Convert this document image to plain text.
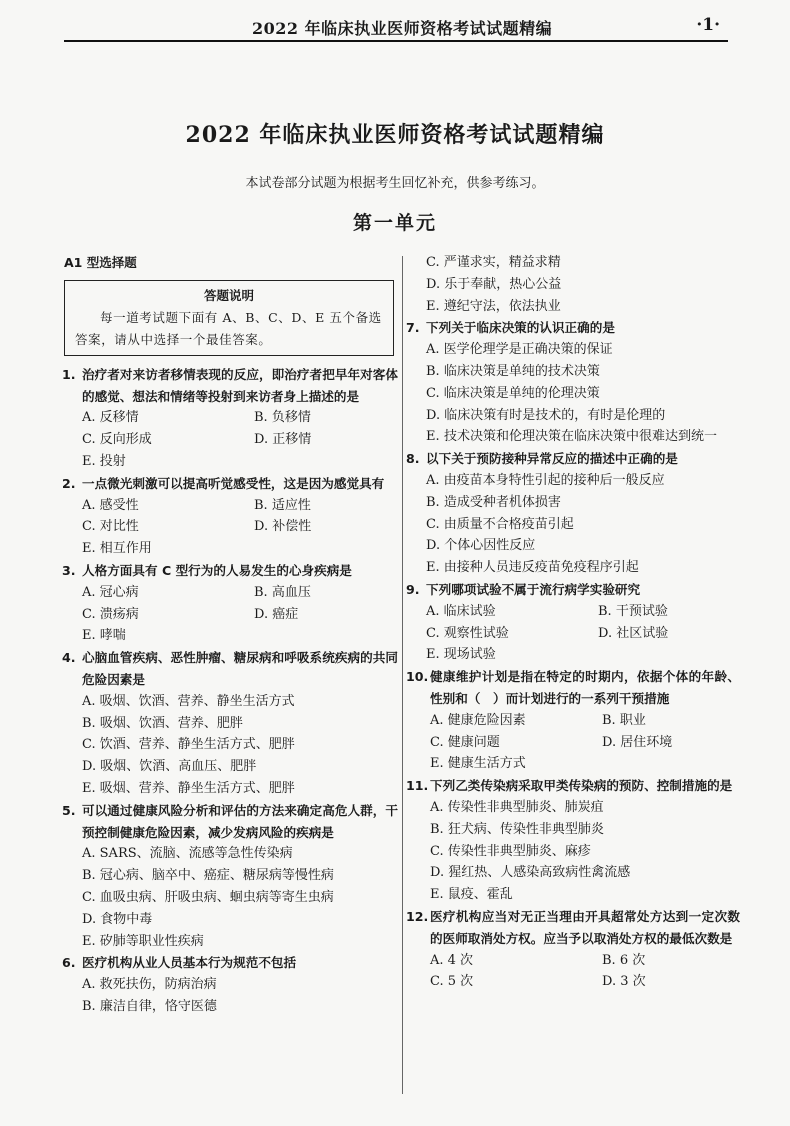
2022 年临床执业医师资格考试试题精编	·1·
2022 年临床执业医师资格考试试题精编
本试卷部分试题为根据考生回忆补充，供参考练习。
第一单元
A1 型选择题
答题说明
每一道考试题下面有 A、B、C、D、E 五个备选答案，请从中选择一个最佳答案。
1. 治疗者对来访者移情表现的反应，即治疗者把早年对客体的感觉、想法和情绪等投射到来访者身上描述的是
A. 反移情	B. 负移情
C. 反向形成	D. 正移情
E. 投射
2. 一点微光刺激可以提高听觉感受性，这是因为感觉具有
A. 感受性	B. 适应性
C. 对比性	D. 补偿性
E. 相互作用
3. 人格方面具有 C 型行为的人易发生的心身疾病是
A. 冠心病	B. 高血压
C. 溃疡病	D. 癌症
E. 哮喘
4. 心脑血管疾病、恶性肿瘤、糖尿病和呼吸系统疾病的共同危险因素是
A. 吸烟、饮酒、营养、静坐生活方式
B. 吸烟、饮酒、营养、肥胖
C. 饮酒、营养、静坐生活方式、肥胖
D. 吸烟、饮酒、高血压、肥胖
E. 吸烟、营养、静坐生活方式、肥胖
5. 可以通过健康风险分析和评估的方法来确定高危人群，干预控制健康危险因素，减少发病风险的疾病是
A. SARS、流脑、流感等急性传染病
B. 冠心病、脑卒中、癌症、糖尿病等慢性病
C. 血吸虫病、肝吸虫病、蛔虫病等寄生虫病
D. 食物中毒
E. 矽肺等职业性疾病
6. 医疗机构从业人员基本行为规范不包括
A. 救死扶伤，防病治病
B. 廉洁自律，恪守医德
C. 严谨求实，精益求精
D. 乐于奉献，热心公益
E. 遵纪守法，依法执业
7. 下列关于临床决策的认识正确的是
A. 医学伦理学是正确决策的保证
B. 临床决策是单纯的技术决策
C. 临床决策是单纯的伦理决策
D. 临床决策有时是技术的，有时是伦理的
E. 技术决策和伦理决策在临床决策中很难达到统一
8. 以下关于预防接种异常反应的描述中正确的是
A. 由疫苗本身特性引起的接种后一般反应
B. 造成受种者机体损害
C. 由质量不合格疫苗引起
D. 个体心因性反应
E. 由接种人员违反疫苗免疫程序引起
9. 下列哪项试验不属于流行病学实验研究
A. 临床试验	B. 干预试验
C. 观察性试验	D. 社区试验
E. 现场试验
10. 健康维护计划是指在特定的时期内，依据个体的年龄、性别和（　）而计划进行的一系列干预措施
A. 健康危险因素	B. 职业
C. 健康问题	D. 居住环境
E. 健康生活方式
11. 下列乙类传染病采取甲类传染病的预防、控制措施的是
A. 传染性非典型肺炎、肺炭疽
B. 狂犬病、传染性非典型肺炎
C. 传染性非典型肺炎、麻疹
D. 猩红热、人感染高致病性禽流感
E. 鼠疫、霍乱
12. 医疗机构应当对无正当理由开具超常处方达到一定次数的医师取消处方权。应当予以取消处方权的最低次数是
A. 4 次	B. 6 次
C. 5 次	D. 3 次
